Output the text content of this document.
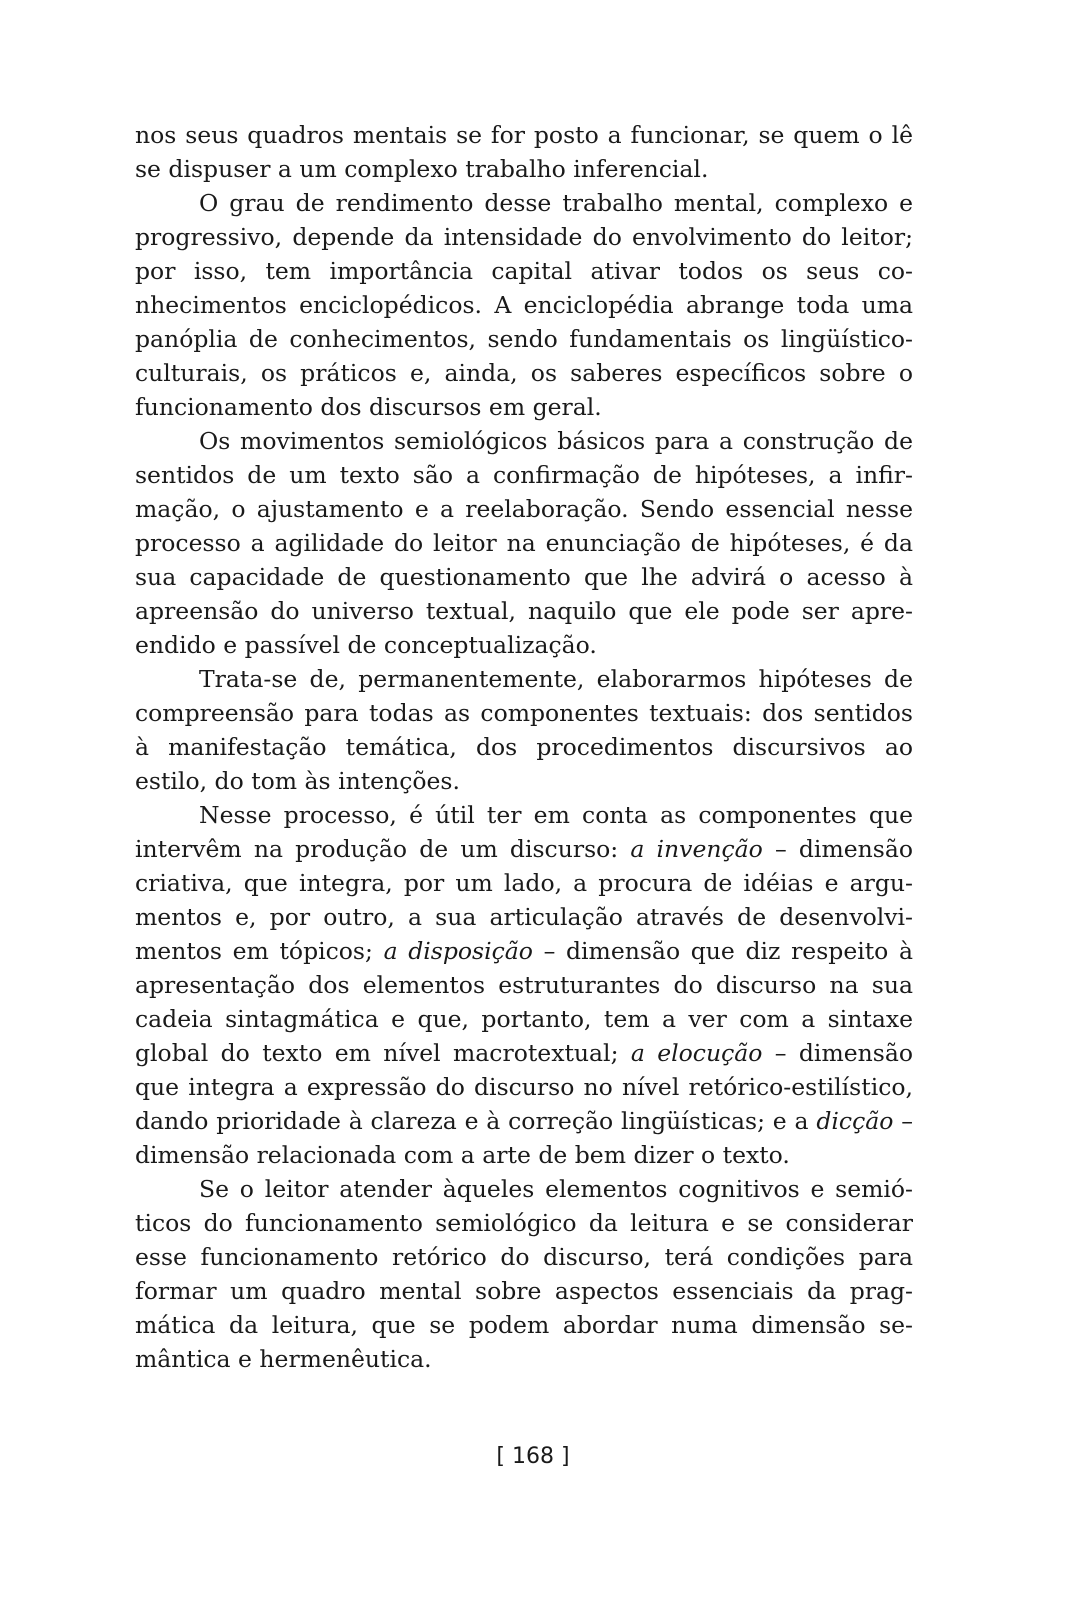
nos seus quadros mentais se for posto a funcionar, se quem o lê se dispuser a um complexo trabalho inferencial.

O grau de rendimento desse trabalho mental, complexo e progressivo, depende da intensidade do envolvimento do leitor; por isso, tem importância capital ativar todos os seus conhecimentos enciclopédicos. A enciclopédia abrange toda uma panóplia de conhecimentos, sendo fundamentais os lingüístico-culturais, os práticos e, ainda, os saberes específicos sobre o funcionamento dos discursos em geral.

Os movimentos semiológicos básicos para a construção de sentidos de um texto são a confirmação de hipóteses, a infirmação, o ajustamento e a reelaboração. Sendo essencial nesse processo a agilidade do leitor na enunciação de hipóteses, é da sua capacidade de questionamento que lhe advirá o acesso à apreensão do universo textual, naquilo que ele pode ser apreendido e passível de conceptualização.

Trata-se de, permanentemente, elaborarmos hipóteses de compreensão para todas as componentes textuais: dos sentidos à manifestação temática, dos procedimentos discursivos ao estilo, do tom às intenções.

Nesse processo, é útil ter em conta as componentes que intervêm na produção de um discurso: a invenção – dimensão criativa, que integra, por um lado, a procura de idéias e argumentos e, por outro, a sua articulação através de desenvolvimentos em tópicos; a disposição – dimensão que diz respeito à apresentação dos elementos estruturantes do discurso na sua cadeia sintagmática e que, portanto, tem a ver com a sintaxe global do texto em nível macrotextual; a elocução – dimensão que integra a expressão do discurso no nível retórico-estilístico, dando prioridade à clareza e à correção lingüísticas; e a dicção – dimensão relacionada com a arte de bem dizer o texto.

Se o leitor atender àqueles elementos cognitivos e semióticos do funcionamento semiológico da leitura e se considerar esse funcionamento retórico do discurso, terá condições para formar um quadro mental sobre aspectos essenciais da pragmática da leitura, que se podem abordar numa dimensão semântica e hermenêutica.

[ 168 ]
